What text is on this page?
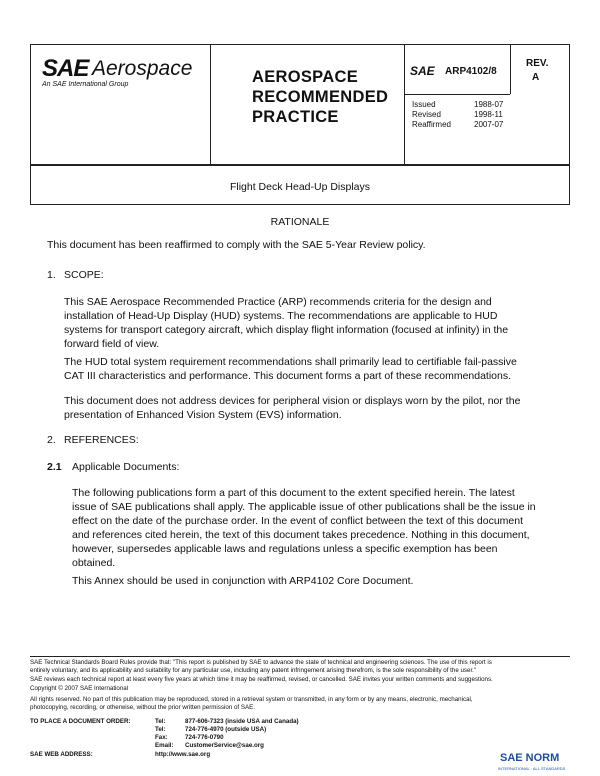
SAE Aerospace
An SAE International Group	AEROSPACE
RECOMMENDED
PRACTICE
SAE ARP4102/8
REV.
A
Issued	1988-07
Revised	1998-11
Reaffirmed	2007-07
Flight Deck Head-Up Displays
RATIONALE
This document has been reaffirmed to comply with the SAE 5-Year Review policy.
1. SCOPE:
This SAE Aerospace Recommended Practice (ARP) recommends criteria for the design and
installation of Head-Up Display (HUD) systems. The recommendations are applicable to HUD
systems for transport category aircraft, which display flight information (focused at infinity) in the
forward field of view.
The HUD total system requirement recommendations shall primarily lead to certifiable fail-passive
CAT III characteristics and performance. This document forms a part of these recommendations.
This document does not address devices for peripheral vision or displays worn by the pilot, nor the
presentation of Enhanced Vision System (EVS) information.
2. REFERENCES:
2.1 Applicable Documents:
The following publications form a part of this document to the extent specified herein. The latest
issue of SAE publications shall apply. The applicable issue of other publications shall be the issue in
effect on the date of the purchase order. In the event of conflict between the text of this document
and references cited herein, the text of this document takes precedence. Nothing in this document,
however, supersedes applicable laws and regulations unless a specific exemption has been
obtained.
This Annex should be used in conjunction with ARP4102 Core Document.
SAE Technical Standards Board Rules provide that: "This report is published by SAE to advance the state of technical and engineering sciences. The use of this report is
entirely voluntary, and its applicability and suitability for any particular use, including any patent infringement arising therefrom, is the sole responsibility of the user."
SAE reviews each technical report at least every five years at which time it may be reaffirmed, revised, or cancelled. SAE invites your written comments and suggestions.
Copyright © 2007 SAE International
All rights reserved. No part of this publication may be reproduced, stored in a retrieval system or transmitted, in any form or by any means, electronic, mechanical,
photocopying, recording, or otherwise, without the prior written permission of SAE.
TO PLACE A DOCUMENT ORDER:	Tel:	877-606-7323 (inside USA and Canada)
Tel:	724-776-4970 (outside USA)
Fax:	724-776-0790
Email: CustomerService@sae.org
SAE WEB ADDRESS:	http://www.sae.org	SAE NORM
INTERNATIONAL · ALL STANDARDS
